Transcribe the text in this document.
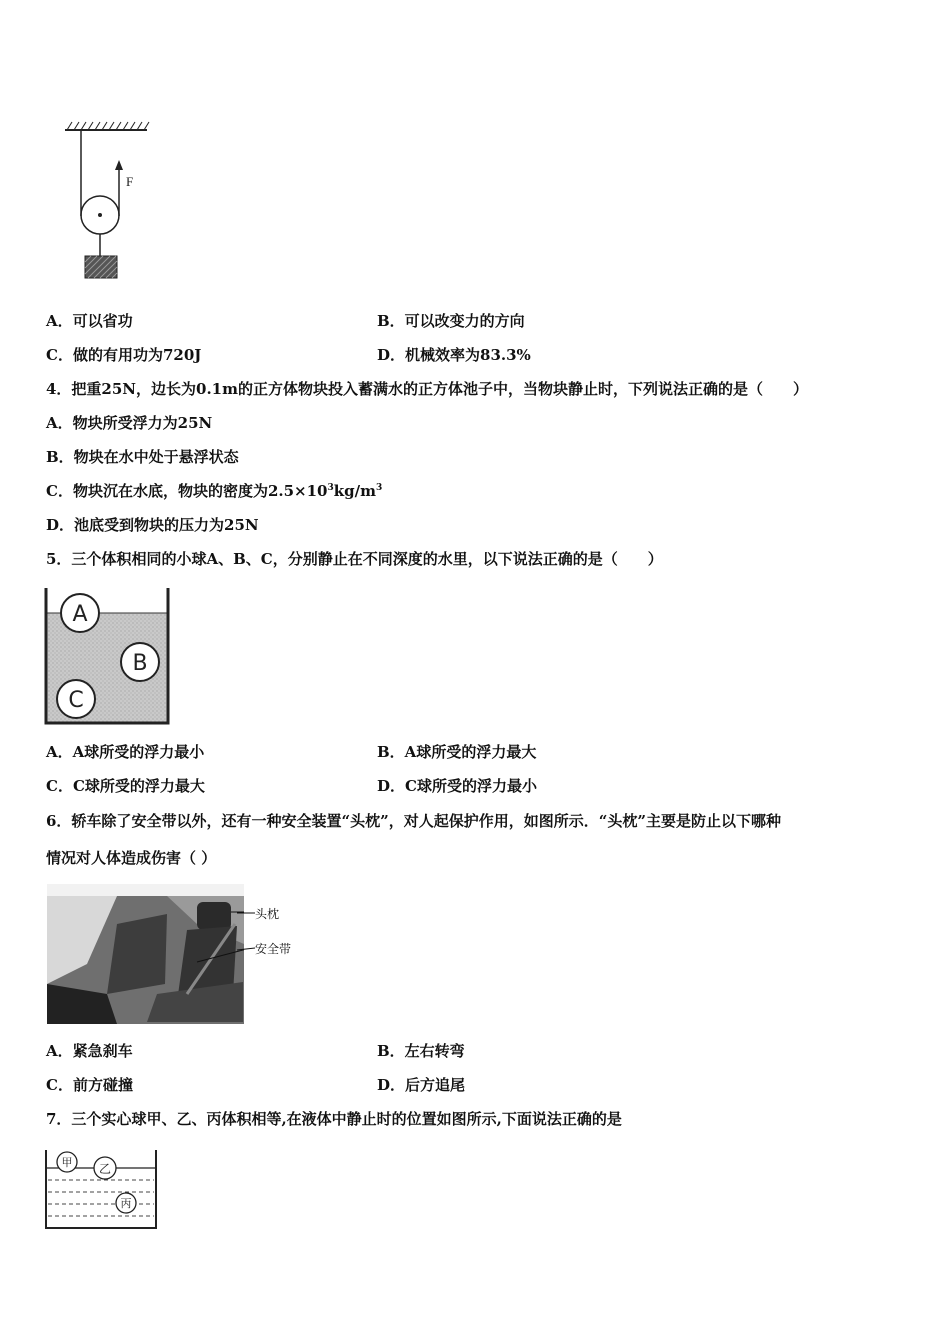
F
A．可以省功	B．可以改变力的方向
C．做的有用功为720J	D．机械效率为83.3%
4．把重25N，边长为0.1m的正方体物块投入蓄满水的正方体池子中，当物块静止时，下列说法正确的是（　　）
A．物块所受浮力为25N
B．物块在水中处于悬浮状态
C．物块沉在水底，物块的密度为$2.5\times 10^3kg/m^3$
D．池底受到物块的压力为25N
5．三个体积相同的小球A、B、C，分别静止在不同深度的水里，以下说法正确的是（　　）
A
B
C
A．A球所受的浮力最小	B．A球所受的浮力最大
C．C球所受的浮力最大	D．C球所受的浮力最小
6．轿车除了安全带以外，还有一种安全装置“头枕”，对人起保护作用，如图所示．“头枕”主要是防止以下哪种
情况对人体造成伤害（ ）
头枕
安全带
A．紧急刹车	B．左右转弯
C．前方碰撞	D．后方追尾
7．三个实心球甲、乙、丙体积相等,在液体中静止时的位置如图所示,下面说法正确的是
甲 乙
丙
